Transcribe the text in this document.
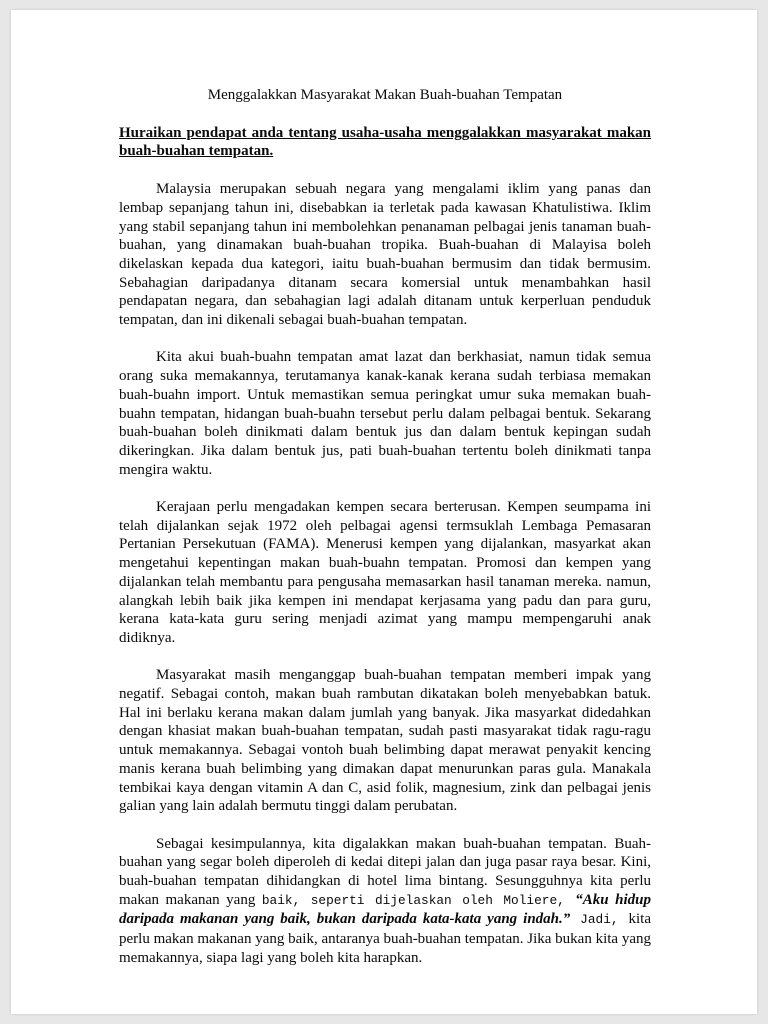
Menggalakkan Masyarakat Makan Buah-buahan Tempatan

Huraikan pendapat anda tentang usaha-usaha menggalakkan masyarakat makan buah-buahan tempatan.

Malaysia merupakan sebuah negara yang mengalami iklim yang panas dan lembap sepanjang tahun ini, disebabkan ia terletak pada kawasan Khatulistiwa. Iklim yang stabil sepanjang tahun ini membolehkan penanaman pelbagai jenis tanaman buah-buahan, yang dinamakan buah-buahan tropika. Buah-buahan di Malayisa boleh dikelaskan kepada dua kategori, iaitu buah-buahan bermusim dan tidak bermusim. Sebahagian daripadanya ditanam secara komersial untuk menambahkan hasil pendapatan negara, dan sebahagian lagi adalah ditanam untuk kerperluan penduduk tempatan, dan ini dikenali sebagai buah-buahan tempatan.

Kita akui buah-buahn tempatan amat lazat dan berkhasiat, namun tidak semua orang suka memakannya, terutamanya kanak-kanak kerana sudah terbiasa memakan buah-buahn import. Untuk memastikan semua peringkat umur suka memakan buah-buahn tempatan, hidangan buah-buahn tersebut perlu dalam pelbagai bentuk. Sekarang buah-buahan boleh dinikmati dalam bentuk jus dan dalam bentuk kepingan sudah dikeringkan. Jika dalam bentuk jus, pati buah-buahan tertentu boleh dinikmati tanpa mengira waktu.

Kerajaan perlu mengadakan kempen secara berterusan. Kempen seumpama ini telah dijalankan sejak 1972 oleh pelbagai agensi termsuklah Lembaga Pemasaran Pertanian Persekutuan (FAMA). Menerusi kempen yang dijalankan, masyarkat akan mengetahui kepentingan makan buah-buahn tempatan. Promosi dan kempen yang dijalankan telah membantu para pengusaha memasarkan hasil tanaman mereka. namun, alangkah lebih baik jika kempen ini mendapat kerjasama yang padu dan para guru, kerana kata-kata guru sering menjadi azimat yang mampu mempengaruhi anak didiknya.

Masyarakat masih menganggap buah-buahan tempatan memberi impak yang negatif. Sebagai contoh, makan buah rambutan dikatakan boleh menyebabkan batuk. Hal ini berlaku kerana makan dalam jumlah yang banyak. Jika masyarkat didedahkan dengan khasiat makan buah-buahan tempatan, sudah pasti masyarakat tidak ragu-ragu untuk memakannya. Sebagai vontoh buah belimbing dapat merawat penyakit kencing manis kerana buah belimbing yang dimakan dapat menurunkan paras gula. Manakala tembikai kaya dengan vitamin A dan C, asid folik, magnesium, zink dan pelbagai jenis galian yang lain adalah bermutu tinggi dalam perubatan.

Sebagai kesimpulannya, kita digalakkan makan buah-buahan tempatan. Buah-buahan yang segar boleh diperoleh di kedai ditepi jalan dan juga pasar raya besar. Kini, buah-buahan tempatan dihidangkan di hotel lima bintang. Sesungguhnya kita perlu makan makanan yang baik, seperti dijelaskan oleh Moliere, “Aku hidup daripada makanan yang baik, bukan daripada kata-kata yang indah.” Jadi, kita perlu makan makanan yang baik, antaranya buah-buahan tempatan. Jika bukan kita yang memakannya, siapa lagi yang boleh kita harapkan.
